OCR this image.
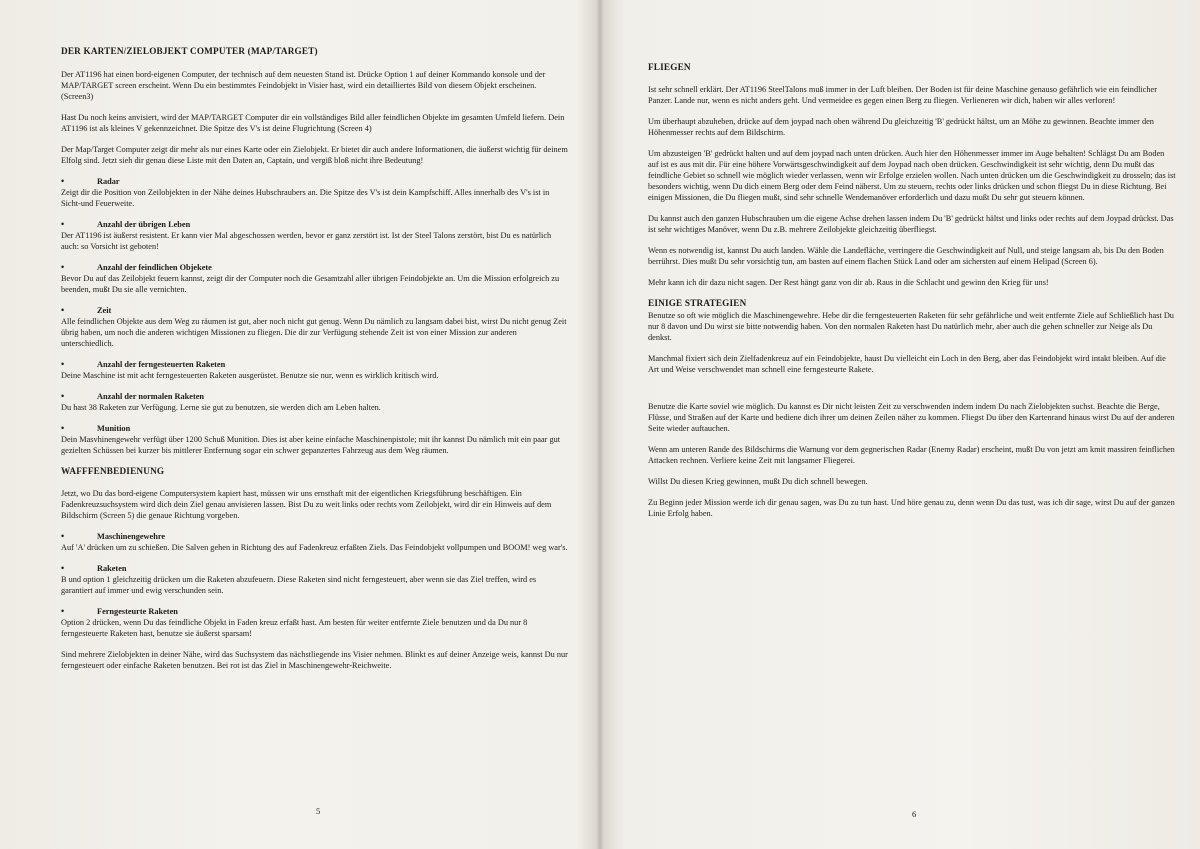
DER KARTEN/ZIELOBJEKT COMPUTER (MAP/TARGET)

Der AT1196 hat einen bord-eigenen Computer, der technisch auf dem neuesten Stand ist. Drücke Option 1 auf deiner Kommando konsole und der MAP/TARGET screen erscheint. Wenn Du ein bestimmtes Feindobjekt in Visier hast, wird ein detailliertes Bild von diesem Objekt erscheinen. (Screen3)

Hast Du noch keins anvisiert, wird der MAP/TARGET Computer dir ein vollständiges Bild aller feindlichen Objekte im gesamten Umfeld liefern. Dein AT1196 ist als kleines V gekennzeichnet. Die Spitze des V's ist deine Flugrichtung (Screen 4)

Der Map/Target Computer zeigt dir mehr als nur eines Karte oder ein Zielobjekt. Er bietet dir auch andere Informationen, die äußerst wichtig für deinem Elfolg sind. Jetzt sieh dir genau diese Liste mit den Daten an, Captain, und vergiß bloß nicht ihre Bedeutung!

•	Radar
Zeigt dir die Position von Zeilobjekten in der Nähe deines Hubschraubers an. Die Spitze des V's ist dein Kampfschiff. Alles innerhalb des V's ist in Sicht-und Feuerweite.
•	Anzahl der übrigen Leben
Der AT1196 ist äußerst resistent. Er kann vier Mal abgeschossen werden, bevor er ganz zerstört ist. Ist der Steel Talons zerstört, bist Du es natürlich auch: so Vorsicht ist geboten!
•	Anzahl der feindlichen Objekete
Bevor Du auf das Zeilobjekt feuern kannst, zeigt dir der Computer noch die Gesamtzahl aller übrigen Feindobjekte an. Um die Mission erfolgreich zu beenden, mußt Du sie alle vernichten.
•	Zeit
Alle feindlichen Objekte aus dem Weg zu räumen ist gut, aber noch nicht gut genug. Wenn Du nämlich zu langsam dabei bist, wirst Du nicht genug Zeit übrig haben, um noch die anderen wichtigen Missionen zu fliegen. Die dir zur Verfügung stehende Zeit ist von einer Mission zur anderen unterschiedlich.
•	Anzahl der ferngesteuerten Raketen
Deine Maschine ist mit acht ferngesteuerten Raketen ausgerüstet. Benutze sie nur, wenn es wirklich kritisch wird.
•	Anzahl der normalen Raketen
Du hast 38 Raketen zur Verfügung. Lerne sie gut zu benutzen, sie werden dich am Leben halten.
•	Munition
Dein Masvhinengewehr verfügt über 1200 Schuß Munition. Dies ist aber keine einfache Maschinenpistole; mit ihr kannst Du nämlich mit ein paar gut gezielten Schüssen bei kurzer bis mittlerer Entfernung sogar ein schwer gepanzertes Fahrzeug aus dem Weg räumen.
WAFFFENBEDIENUNG

Jetzt, wo Du das bord-eigene Computersystem kapiert hast, müssen wir uns ernsthaft mit der eigentlichen Kriegsführung beschäftigen. Ein Fadenkreuzsuchsystem wird dich dein Ziel genau anvisieren lassen. Bist Du zu weit links oder rechts vom Zeilobjekt, wird dir ein Hinweis auf dem Bildschirm (Screen 5) die genaue Richtung vorgeben.

•	Maschinengewehre
Auf 'A' drücken um zu schießen. Die Salven gehen in Richtung des auf Fadenkreuz erfaßten Ziels. Das Feindobjekt vollpumpen und BOOM! weg war's.
•	Raketen
B und option 1 gleichzeitig drücken um die Raketen abzufeuern. Diese Raketen sind nicht ferngesteuert, aber wenn sie das Ziel treffen, wird es garantiert auf immer und ewig verschunden sein.
•	Ferngesteurte Raketen
Option 2 drücken, wenn Du das feindliche Objekt in Faden kreuz erfaßt hast. Am besten für weiter entfernte Ziele benutzen und da Du nur 8 ferngesteuerte Raketen hast, benutze sie äußerst sparsam!

Sind mehrere Zielobjekten in deiner Nähe, wird das Suchsystem das nächstliegende ins Visier nehmen. Blinkt es auf deiner Anzeige weis, kannst Du nur ferngesteuert oder einfache Raketen benutzen. Bei rot ist das Ziel in Maschinengewehr-Reichweite.

5
FLIEGEN

Ist sehr schnell erklärt. Der AT1196 SteelTalons muß immer in der Luft bleiben. Der Boden ist für deine Maschine genauso gefährlich wie ein feindlicher Panzer. Lande nur, wenn es nicht anders geht. Und vermeidee es gegen einen Berg zu fliegen. Verlieneren wir dich, haben wir alles verloren!

Um überhaupt abzuheben, drücke auf dem joypad nach oben während Du gleichzeitig 'B' gedrückt hältst, um an Möhe zu gewinnen. Beachte immer den Höhenmesser rechts auf dem Bildschirm.

Um abzusteigen 'B' gedrückt halten und auf dem joypad nach unten drücken. Auch hier den Höhenmesser immer im Auge behalten! Schlägst Du am Boden auf ist es aus mit dir. Für eine höhere Vorwärtsgeschwindigkeit auf dem Joypad nach oben drücken. Geschwindigkeit ist sehr wichtig, denn Du mußt das feindliche Gebiet so schnell wie möglich wieder verlassen, wenn wir Erfolge erzielen wollen. Nach unten drücken um die Geschwindigkeit zu drosseln; das ist besonders wichtig, wenn Du dich einem Berg oder dem Feind näherst. Um zu steuern, rechts oder links drücken und schon fliegst Du in diese Richtung. Bei einigen Missionen, die Du fliegen mußt, sind sehr schnelle Wendemanöver erforderlich und dazu mußt Du sehr gut steuern können.

Du kannst auch den ganzen Hubschrauben um die eigene Achse drehen lassen indem Du 'B' gedrückt hältst und links oder rechts auf dem Joypad drückst. Das ist sehr wichtiges Manöver, wenn Du z.B. mehrere Zeilobjekte gleichzeitig überfliegst.

Wenn es notwendig ist, kannst Du auch landen. Wähle die Landefläche, verringere die Geschwindigkeit auf Null, und steige langsam ab, bis Du den Boden berrührst. Dies mußt Du sehr vorsichtig tun, am basten auf einem flachen Stück Land oder am sichersten auf einem Helipad (Screen 6).

Mehr kann ich dir dazu nicht sagen. Der Rest hängt ganz von dir ab. Raus in die Schlacht und gewinn den Krieg für uns!

EINIGE STRATEGIEN

Benutze so oft wie möglich die Maschinengewehre. Hebe dir die ferngesteuerten Raketen für sehr gefährliche und weit entfernte Ziele auf Schließlich hast Du nur 8 davon und Du wirst sie bitte notwendig haben. Von den normalen Raketen hast Du natürlich mehr, aber auch die gehen schneller zur Neige als Du denkst.

Manchmal fixiert sich dein Zielfadenkreuz auf ein Feindobjekte, haust Du vielleicht ein Loch in den Berg, aber das Feindobjekt wird intakt bleiben. Auf die Art und Weise verschwendet man schnell eine ferngesteurte Rakete.

Benutze die Karte soviel wie möglich. Du kannst es Dir nicht leisten Zeit zu verschwenden indem indem Du nach Zielobjekten suchst. Beachte die Berge, Flüsse, und Straßen auf der Karte und bediene dich ihrer um deinen Zeilen näher zu kommen. Fliegst Du über den Kartenrand hinaus wirst Du auf der anderen Seite wieder auftauchen.

Wenn am unteren Rande des Bildschirms die Warnung vor dem gegnerischen Radar (Enemy Radar) erscheint, mußt Du von jetzt am kmit massiren feinflichen Attacken rechnen. Verliere keine Zeit mit langsamer Fliegerei.

Willst Du diesen Krieg gewinnen, mußt Du dich schnell bewegen.

Zu Beginn jeder Mission werde ich dir genau sagen, was Du zu tun hast. Und höre genau zu, denn wenn Du das tust, was ich dir sage, wirst Du auf der ganzen Linie Erfolg haben.

6
